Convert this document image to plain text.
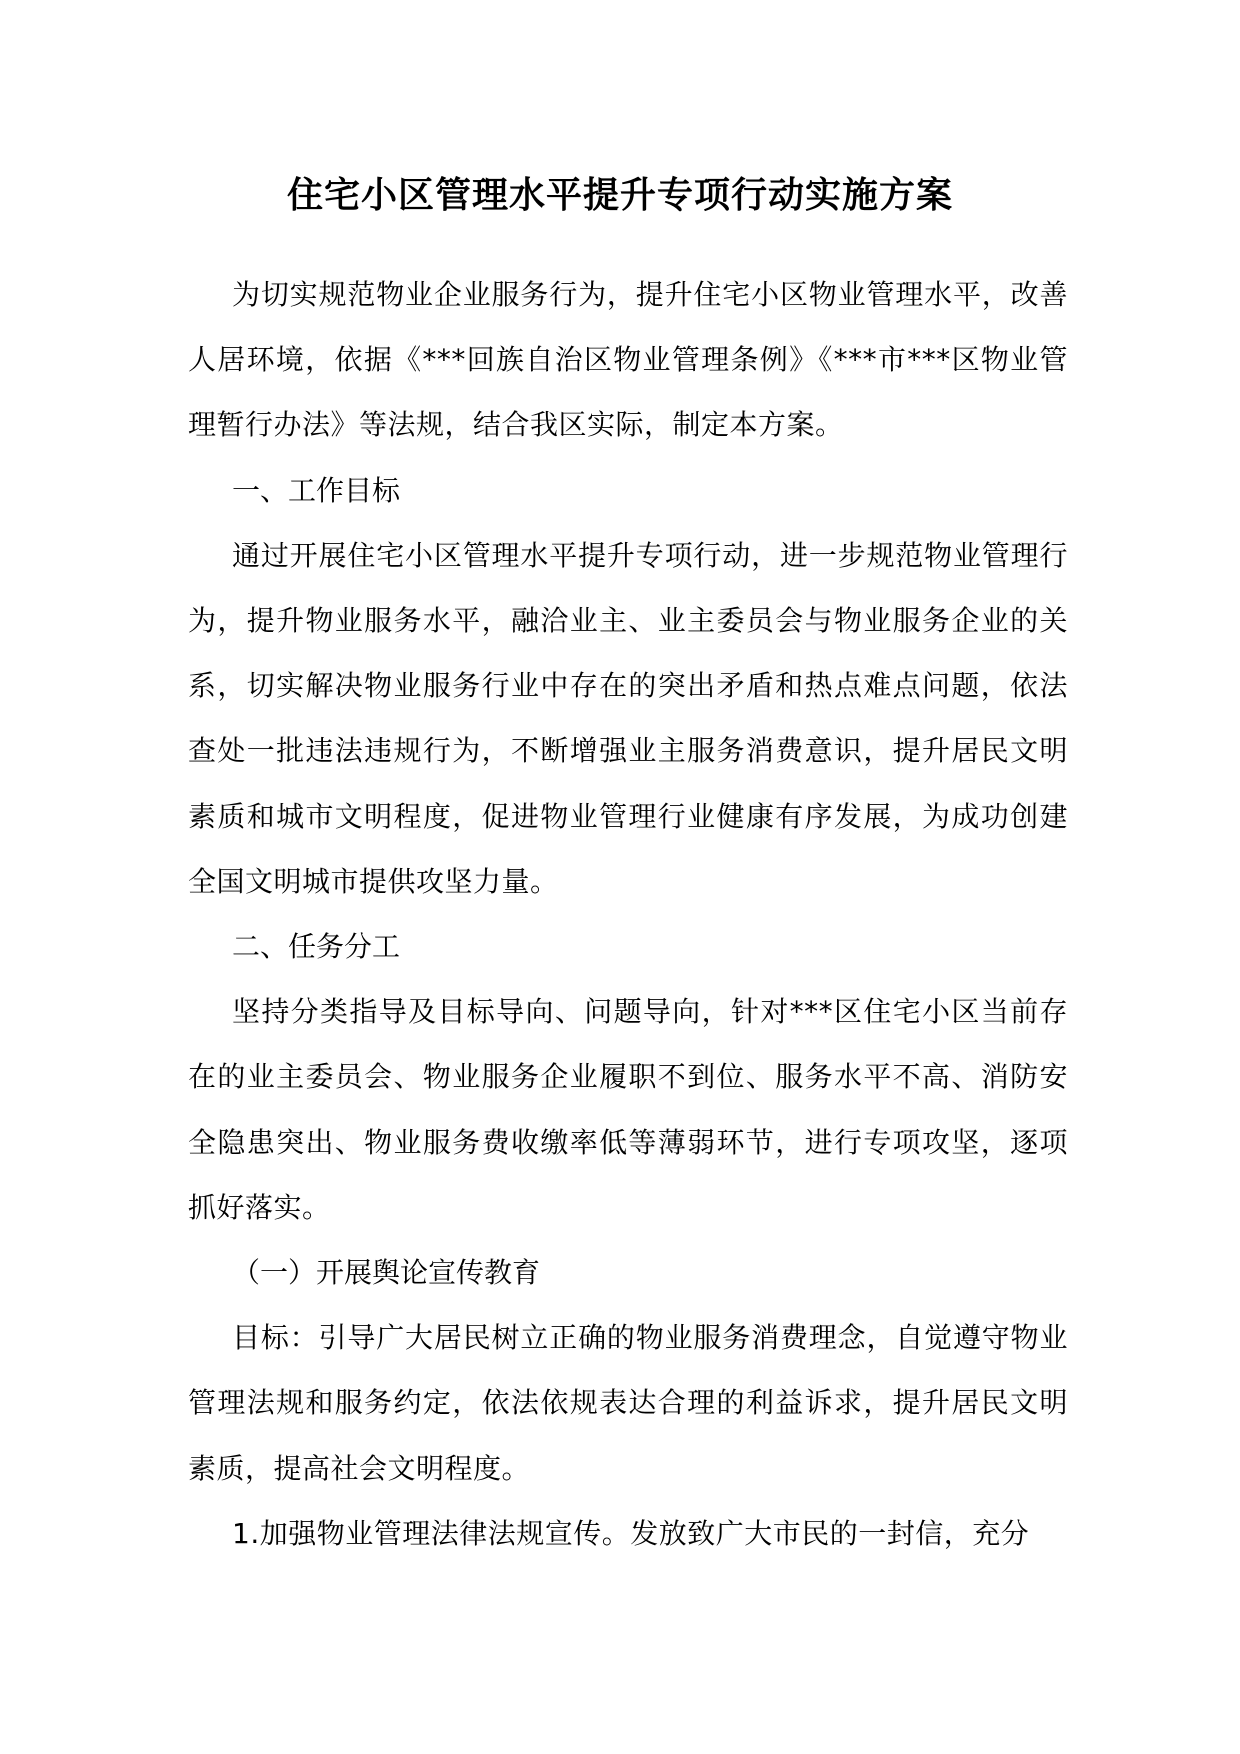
住宅小区管理水平提升专项行动实施方案

为切实规范物业企业服务行为，提升住宅小区物业管理水平，改善人居环境，依据《***回族自治区物业管理条例》《***市***区物业管理暂行办法》等法规，结合我区实际，制定本方案。

一、工作目标

通过开展住宅小区管理水平提升专项行动，进一步规范物业管理行为，提升物业服务水平，融洽业主、业主委员会与物业服务企业的关系，切实解决物业服务行业中存在的突出矛盾和热点难点问题，依法查处一批违法违规行为，不断增强业主服务消费意识，提升居民文明素质和城市文明程度，促进物业管理行业健康有序发展，为成功创建全国文明城市提供攻坚力量。

二、任务分工

坚持分类指导及目标导向、问题导向，针对***区住宅小区当前存在的业主委员会、物业服务企业履职不到位、服务水平不高、消防安全隐患突出、物业服务费收缴率低等薄弱环节，进行专项攻坚，逐项抓好落实。

（一）开展舆论宣传教育

目标：引导广大居民树立正确的物业服务消费理念，自觉遵守物业管理法规和服务约定，依法依规表达合理的利益诉求，提升居民文明素质，提高社会文明程度。

1.加强物业管理法律法规宣传。发放致广大市民的一封信，充分
